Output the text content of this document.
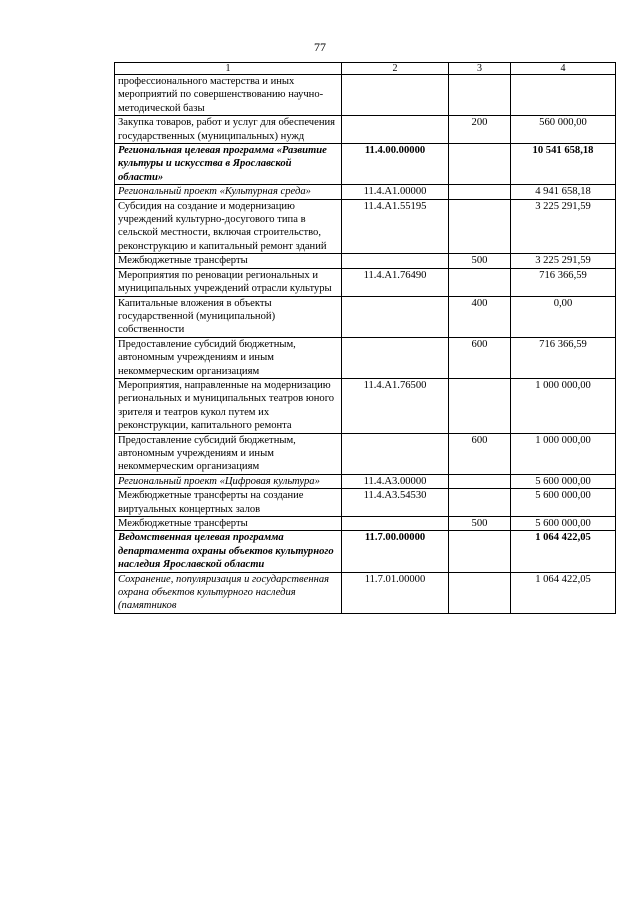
77
1	2	3	4
профессионального мастерства и иных мероприятий по совершенствованию научно-методической базы			
Закупка товаров, работ и услуг для обеспечения государственных (муниципальных) нужд		200	560 000,00
Региональная целевая программа «Развитие культуры и искусства в Ярославской области»	11.4.00.00000		10 541 658,18
Региональный проект «Культурная среда»	11.4.А1.00000		4 941 658,18
Субсидия на создание и модернизацию учреждений культурно-досугового типа в сельской местности, включая строительство, реконструкцию и капитальный ремонт зданий	11.4.А1.55195		3 225 291,59
Межбюджетные трансферты		500	3 225 291,59
Мероприятия по реновации региональных и муниципальных учреждений отрасли культуры	11.4.А1.76490		716 366,59
Капитальные вложения в объекты государственной (муниципальной) собственности		400	0,00
Предоставление субсидий бюджетным, автономным учреждениям и иным некоммерческим организациям		600	716 366,59
Мероприятия, направленные на модернизацию региональных и муниципальных театров юного зрителя и театров кукол путем их реконструкции, капитального ремонта	11.4.А1.76500		1 000 000,00
Предоставление субсидий бюджетным, автономным учреждениям и иным некоммерческим организациям		600	1 000 000,00
Региональный проект «Цифровая культура»	11.4.А3.00000		5 600 000,00
Межбюджетные трансферты на создание виртуальных концертных залов	11.4.А3.54530		5 600 000,00
Межбюджетные трансферты		500	5 600 000,00
Ведомственная целевая программа департамента охраны объектов культурного наследия Ярославской области	11.7.00.00000		1 064 422,05
Сохранение, популяризация и государственная охрана объектов культурного наследия (памятников	11.7.01.00000		1 064 422,05
